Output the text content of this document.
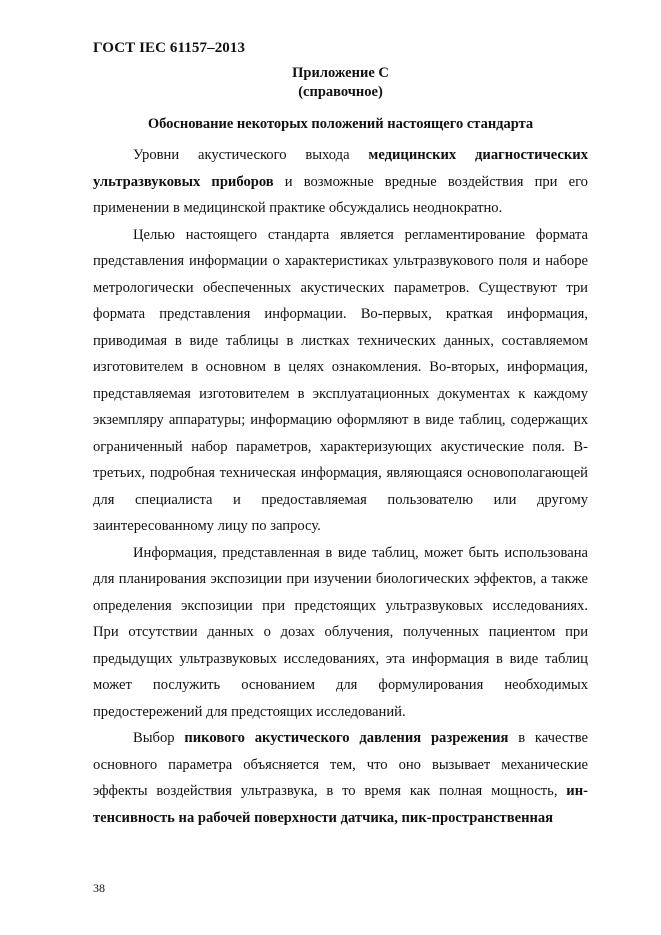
ГОСТ IEC 61157–2013
Приложение С
(справочное)
Обоснование некоторых положений настоящего стандарта

Уровни акустического выхода медицинских диагностических ультразвуковых приборов и возможные вредные воздействия при его применении в медицинской практике обсуждались неоднократно.

Целью настоящего стандарта является регламентирование формата представления информации о характеристиках ультразвукового поля и наборе метрологически обеспеченных акустических параметров. Существуют три формата представления информации. Во-первых, краткая информация, приводимая в виде таблицы в листках технических данных, составляемом изготовителем в основном в целях ознакомления. Во-вторых, информация, представляемая изготовителем в эксплуатационных документах к каждому экземпляру аппаратуры; информацию оформляют в виде таблиц, содержащих ограниченный набор параметров, характеризующих акустические поля. В-третьих, подробная техническая информация, являющаяся основополагающей для специалиста и предоставляемая пользователю или другому заинтересованному лицу по запросу.

Информация, представленная в виде таблиц, может быть использована для планирования экспозиции при изучении биологических эффектов, а также определения экспозиции при предстоящих ультразвуковых исследованиях. При отсутствии данных о дозах облучения, полученных пациентом при предыдущих ультразвуковых исследованиях, эта информация в виде таблиц может послужить основанием для формулирования необходимых предостережений для предстоящих исследований.

Выбор пикового акустического давления разрежения в качестве основного параметра объясняется тем, что оно вызывает механические эффекты воздействия ультразвука, в то время как полная мощность, интенсивность на рабочей поверхности датчика, пик-пространственная

38
